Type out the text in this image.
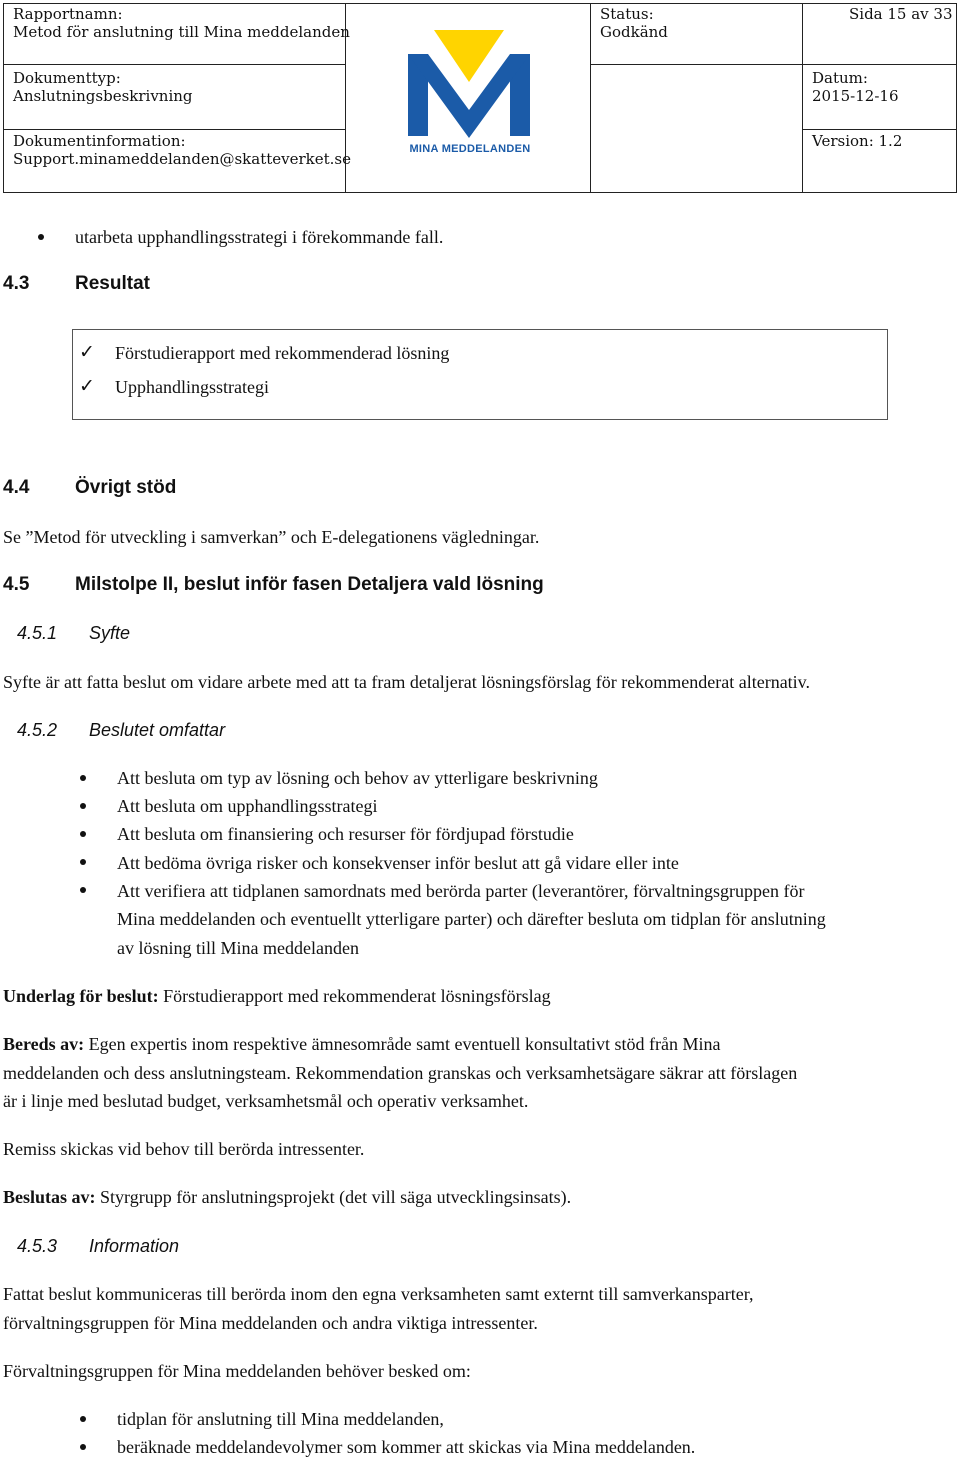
Rapportnamn:
Metod för anslutning till Mina meddelanden
Status:
Godkänd
Sida 15 av 33
Dokumenttyp:
Anslutningsbeskrivning
Datum:
2015-12-16
Dokumentinformation:
Support.minameddelanden@skatteverket.se
Version: 1.2
MINA MEDDELANDEN
utarbeta upphandlingsstrategi i förekommande fall.
4.3 Resultat
✓ Förstudierapport med rekommenderad lösning
✓ Upphandlingsstrategi
4.4 Övrigt stöd
Se ”Metod för utveckling i samverkan” och E-delegationens vägledningar.
4.5 Milstolpe II, beslut inför fasen Detaljera vald lösning
4.5.1 Syfte
Syfte är att fatta beslut om vidare arbete med att ta fram detaljerat lösningsförslag för rekommenderat alternativ.
4.5.2 Beslutet omfattar
Att besluta om typ av lösning och behov av ytterligare beskrivning
Att besluta om upphandlingsstrategi
Att besluta om finansiering och resurser för fördjupad förstudie
Att bedöma övriga risker och konsekvenser inför beslut att gå vidare eller inte
Att verifiera att tidplanen samordnats med berörda parter (leverantörer, förvaltningsgruppen för
Mina meddelanden och eventuellt ytterligare parter) och därefter besluta om tidplan för anslutning
av lösning till Mina meddelanden
Underlag för beslut: Förstudierapport med rekommenderat lösningsförslag
Bereds av: Egen expertis inom respektive ämnesområde samt eventuell konsultativt stöd från Mina
meddelanden och dess anslutningsteam. Rekommendation granskas och verksamhetsägare säkrar att förslagen
är i linje med beslutad budget, verksamhetsmål och operativ verksamhet.
Remiss skickas vid behov till berörda intressenter.
Beslutas av: Styrgrupp för anslutningsprojekt (det vill säga utvecklingsinsats).
4.5.3 Information
Fattat beslut kommuniceras till berörda inom den egna verksamheten samt externt till samverkansparter,
förvaltningsgruppen för Mina meddelanden och andra viktiga intressenter.
Förvaltningsgruppen för Mina meddelanden behöver besked om:
tidplan för anslutning till Mina meddelanden,
beräknade meddelandevolymer som kommer att skickas via Mina meddelanden.
